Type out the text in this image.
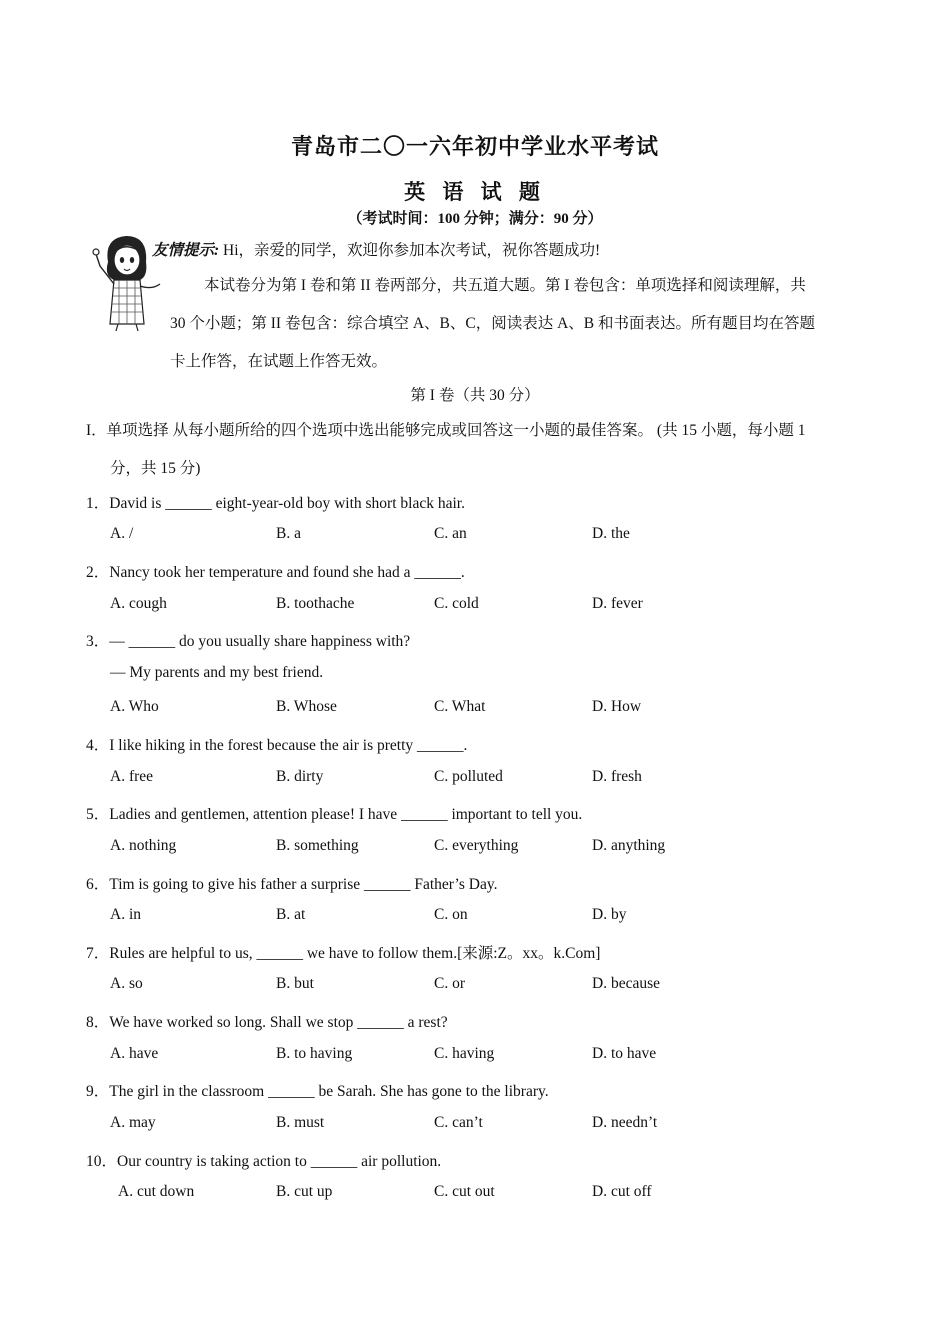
青岛市二〇一六年初中学业水平考试
英 语 试 题
（考试时间：100 分钟；满分：90 分）
友情提示: Hi，亲爱的同学，欢迎你参加本次考试，祝你答题成功!
本试卷分为第 I 卷和第 II 卷两部分，共五道大题。第 I 卷包含：单项选择和阅读理解，共
30 个小题；第 II 卷包含：综合填空 A、B、C，阅读表达 A、B 和书面表达。所有题目均在答题
卡上作答，在试题上作答无效。
第 I 卷（共 30 分）
I．单项选择 从每小题所给的四个选项中选出能够完成或回答这一小题的最佳答案。 (共 15 小题，每小题 1
分，共 15 分)
1．David is ______ eight-year-old boy with short black hair.
A. /	B. a	C. an	D. the
2．Nancy took her temperature and found she had a ______.
A. cough	B. toothache	C. cold	D. fever
3．— ______ do you usually share happiness with?
— My parents and my best friend.
A. Who	B. Whose	C. What	D. How
4．I like hiking in the forest because the air is pretty ______.
A. free	B. dirty	C. polluted	D. fresh
5．Ladies and gentlemen, attention please! I have ______ important to tell you.
A. nothing	B. something	C. everything	D. anything
6．Tim is going to give his father a surprise ______ Father’s Day.
A. in	B. at	C. on	D. by
7．Rules are helpful to us, ______ we have to follow them.[来源:Z。xx。k.Com]
A. so	B. but	C. or	D. because
8．We have worked so long. Shall we stop ______ a rest?
A. have	B. to having	C. having	D. to have
9．The girl in the classroom ______ be Sarah. She has gone to the library.
A. may	B. must	C. can’t	D. needn’t
10．Our country is taking action to ______ air pollution.
A. cut down	B. cut up	C. cut out	D. cut off
